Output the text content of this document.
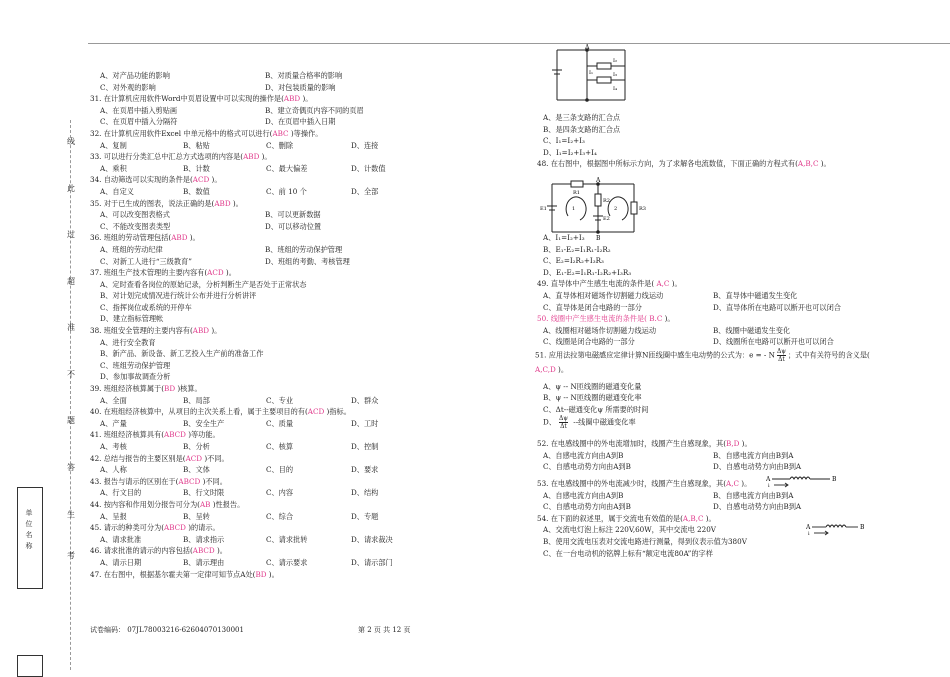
线
此
过
超
准
不
题
答
生
考
单 位 名 称
A、对产品功能的影响	B、对质量合格率的影响
C、对外观的影响	D、对包装质量的影响
31. 在计算机应用软件Word中页眉设置中可以实现的操作是(ABD )。
A、在页眉中插入剪贴画	B、建立奇偶页内容不同的页眉
C、在页眉中插入分隔符	D、在页眉中插入日期
32. 在计算机应用软件Excel 中单元格中的格式可以进行(ABC )等操作。
A、复制	B、粘贴	C、删除	D、连接
33. 可以进行分类汇总中汇总方式选项的内容是(ABD )。
A、乘积	B、计数	C、最大偏差	D、计数值
34. 自动筛选可以实现的条件是(ACD )。
A、自定义	B、数值	C、前 10 个	D、全部
35. 对于已生成的图表，说法正确的是(ABD )。
A、可以改变图表格式	B、可以更新数据
C、不能改变图表类型	D、可以移动位置
36. 班组的劳动管理包括(ABD )。
A、班组的劳动纪律	B、班组的劳动保护管理
C、对新工人进行“三级教育”	D、班组的考勤、考核管理
37. 班组生产技术管理的主要内容有(ACD )。
A、定时查看各岗位的原始记录，分析判断生产是否处于正常状态
B、对计划完成情况进行统计公布并进行分析讲评
C、指挥岗位或系统的开停车
D、建立指标管理帐
38. 班组安全管理的主要内容有(ABD )。
A、进行安全教育
B、新产品、新设备、新工艺投入生产前的准备工作
C、班组劳动保护管理
D、参加事故调查分析
39. 班组经济核算属于(BD )核算。
A、全面	B、局部	C、专业	D、群众
40. 在班组经济核算中，从项目的主次关系上看，属于主要项目的有(ACD )指标。
A、产量	B、安全生产	C、质量	D、工时
41. 班组经济核算具有(ABCD )等功能。
A、考核	B、分析	C、核算	D、控制
42. 总结与报告的主要区别是(ACD )不同。
A、人称	B、文体	C、目的	D、要求
43. 报告与请示的区别在于(ABCD )不同。
A、行文目的	B、行文时限	C、内容	D、结构
44. 按内容和作用划分报告可分为(AB )性报告。
A、呈报	B、呈转	C、综合	D、专题
45. 请示的种类可分为(ABCD )的请示。
A、请求批准	B、请求指示	C、请求批转	D、请求裁决
46. 请求批准的请示的内容包括(ABCD )。
A、请示日期	B、请示理由	C、请示要求	D、请示部门
47. 在右图中，根据基尔霍夫第一定律可知节点A处(BD )。
A、是三条支路的汇合点
B、是四条支路的汇合点
C、I₁=I₂+I₃
D、I₁=I₂+I₃+I₄
48. 在右图中，根据图中所标示方向，为了求解各电流数值，下面正确的方程式有(A,B,C )。
A、I₁=I₂+I₃
B、E₁-E₂=I₁R₁-I₂R₂
C、E₂=I₂R₂+I₃R₃
D、E₁-E₂=I₁R₁-I₂R₂+I₃R₃
49. 直导体中产生感生电流的条件是( A,C )。
A、直导体相对磁场作切割磁力线运动	B、直导体中磁通发生变化
C、直导体是闭合电路的一部分	D、直导体所在电路可以断开也可以闭合
50. 线圈中产生感生电流的条件是( B.C )。
A、线圈相对磁场作切割磁力线运动	B、线圈中磁通发生变化
C、线圈是闭合电路的一部分	D、线圈所在电路可以断开也可以闭合
51. 应用法拉第电磁感应定律计算N匝线圈中感生电动势的公式为：e = - N $\frac{\Delta\psi}{\Delta t}$ ；式中有关符号的含义是(
A,C,D )。
A、ψ -- N匝线圈的磁通变化量
B、ψ -- N匝线圈的磁通变化率
C、Δt--磁通变化ψ 所需要的时间
D、 $\frac{\Delta\psi}{\Delta t}$ --线圈中磁通变化率
52. 在电感线圈中的外电流增加时，线圈产生自感现象，其(B,D )。
A、自感电流方向由A到B	B、自感电流方向由B到A
C、自感电动势方向由A到B	D、自感电动势方向由B到A
53. 在电感线圈中的外电流减少时，线圈产生自感现象，其(A,C )。
A、自感电流方向由A到B	B、自感电流方向由B到A
C、自感电动势方向由A到B	D、自感电动势方向由B到A
54. 在下面的叙述里，属于交流电有效值的是(A,B,C )。
A、交流电灯泡上标注 220V,60W，其中交流电 220V
B、使用交流电压表对交流电路进行测量，得到仪表示值为380V
C、在一台电动机的铭牌上标有“额定电流80A”的字样
A
I₁
I₂
I₃
I₄
A
B
R1
R2
R3
E1
E2
1	2
A	B
i
A	B
i
试卷编码： 07JL78003216-62604070130001	第 2 页 共 12 页
